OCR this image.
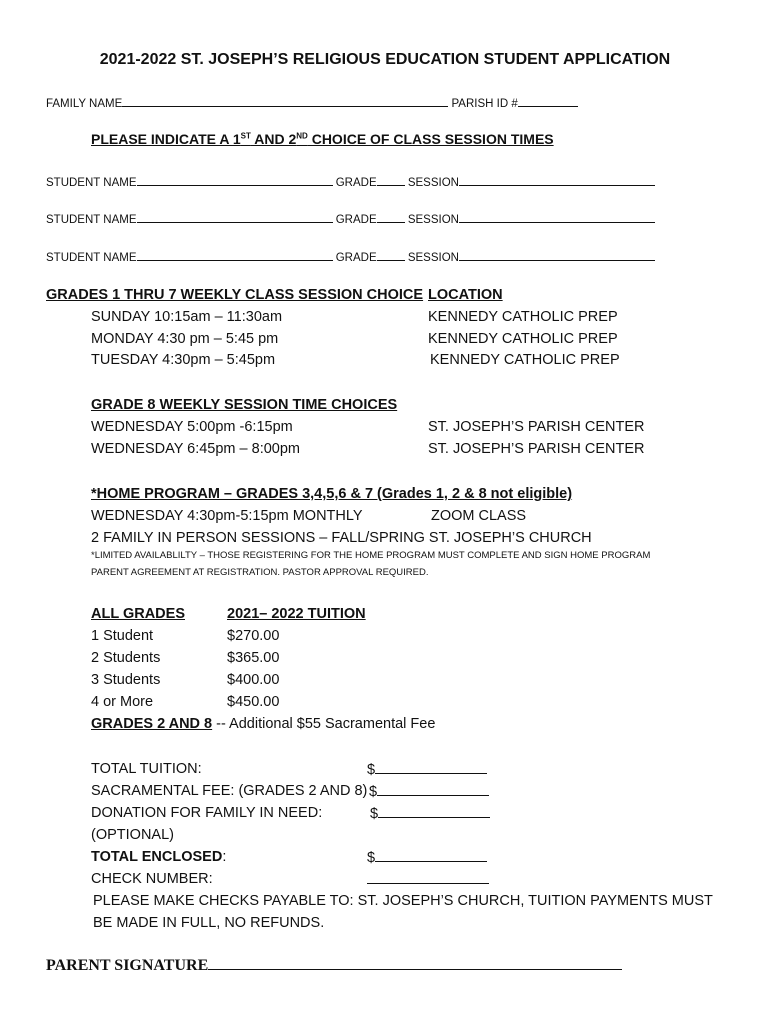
2021-2022 ST. JOSEPH’S RELIGIOUS EDUCATION STUDENT APPLICATION
FAMILY NAME	PARISH ID #
PLEASE INDICATE A 1ST AND 2ND CHOICE OF CLASS SESSION TIMES
STUDENT NAME	GRADE	SESSION
STUDENT NAME	GRADE	SESSION
STUDENT NAME	GRADE	SESSION
GRADES 1 THRU 7 WEEKLY CLASS SESSION CHOICE LOCATION
SUNDAY 10:15am – 11:30am	KENNEDY CATHOLIC PREP
MONDAY 4:30 pm – 5:45 pm	KENNEDY CATHOLIC PREP
TUESDAY 4:30pm – 5:45pm	KENNEDY CATHOLIC PREP
GRADE 8 WEEKLY SESSION TIME CHOICES
WEDNESDAY 5:00pm -6:15pm	ST. JOSEPH’S PARISH CENTER
WEDNESDAY 6:45pm – 8:00pm	ST. JOSEPH’S PARISH CENTER
*HOME PROGRAM – GRADES 3,4,5,6 & 7 (Grades 1, 2 & 8 not eligible)
WEDNESDAY 4:30pm-5:15pm MONTHLY	ZOOM CLASS
2 FAMILY IN PERSON SESSIONS – FALL/SPRING ST. JOSEPH’S CHURCH
*LIMITED AVAILABLILTY – THOSE REGISTERING FOR THE HOME PROGRAM MUST COMPLETE AND SIGN HOME PROGRAM
PARENT AGREEMENT AT REGISTRATION. PASTOR APPROVAL REQUIRED.
ALL GRADES	2021– 2022 TUITION
1 Student	$270.00
2 Students	$365.00
3 Students	$400.00
4 or More	$450.00
GRADES 2 AND 8 -- Additional $55 Sacramental Fee
TOTAL TUITION:	$
SACRAMENTAL FEE: (GRADES 2 AND 8) $
DONATION FOR FAMILY IN NEED:	$
(OPTIONAL)
TOTAL ENCLOSED:	$
CHECK NUMBER:
PLEASE MAKE CHECKS PAYABLE TO: ST. JOSEPH’S CHURCH, TUITION PAYMENTS MUST
BE MADE IN FULL, NO REFUNDS.
PARENT SIGNATURE
